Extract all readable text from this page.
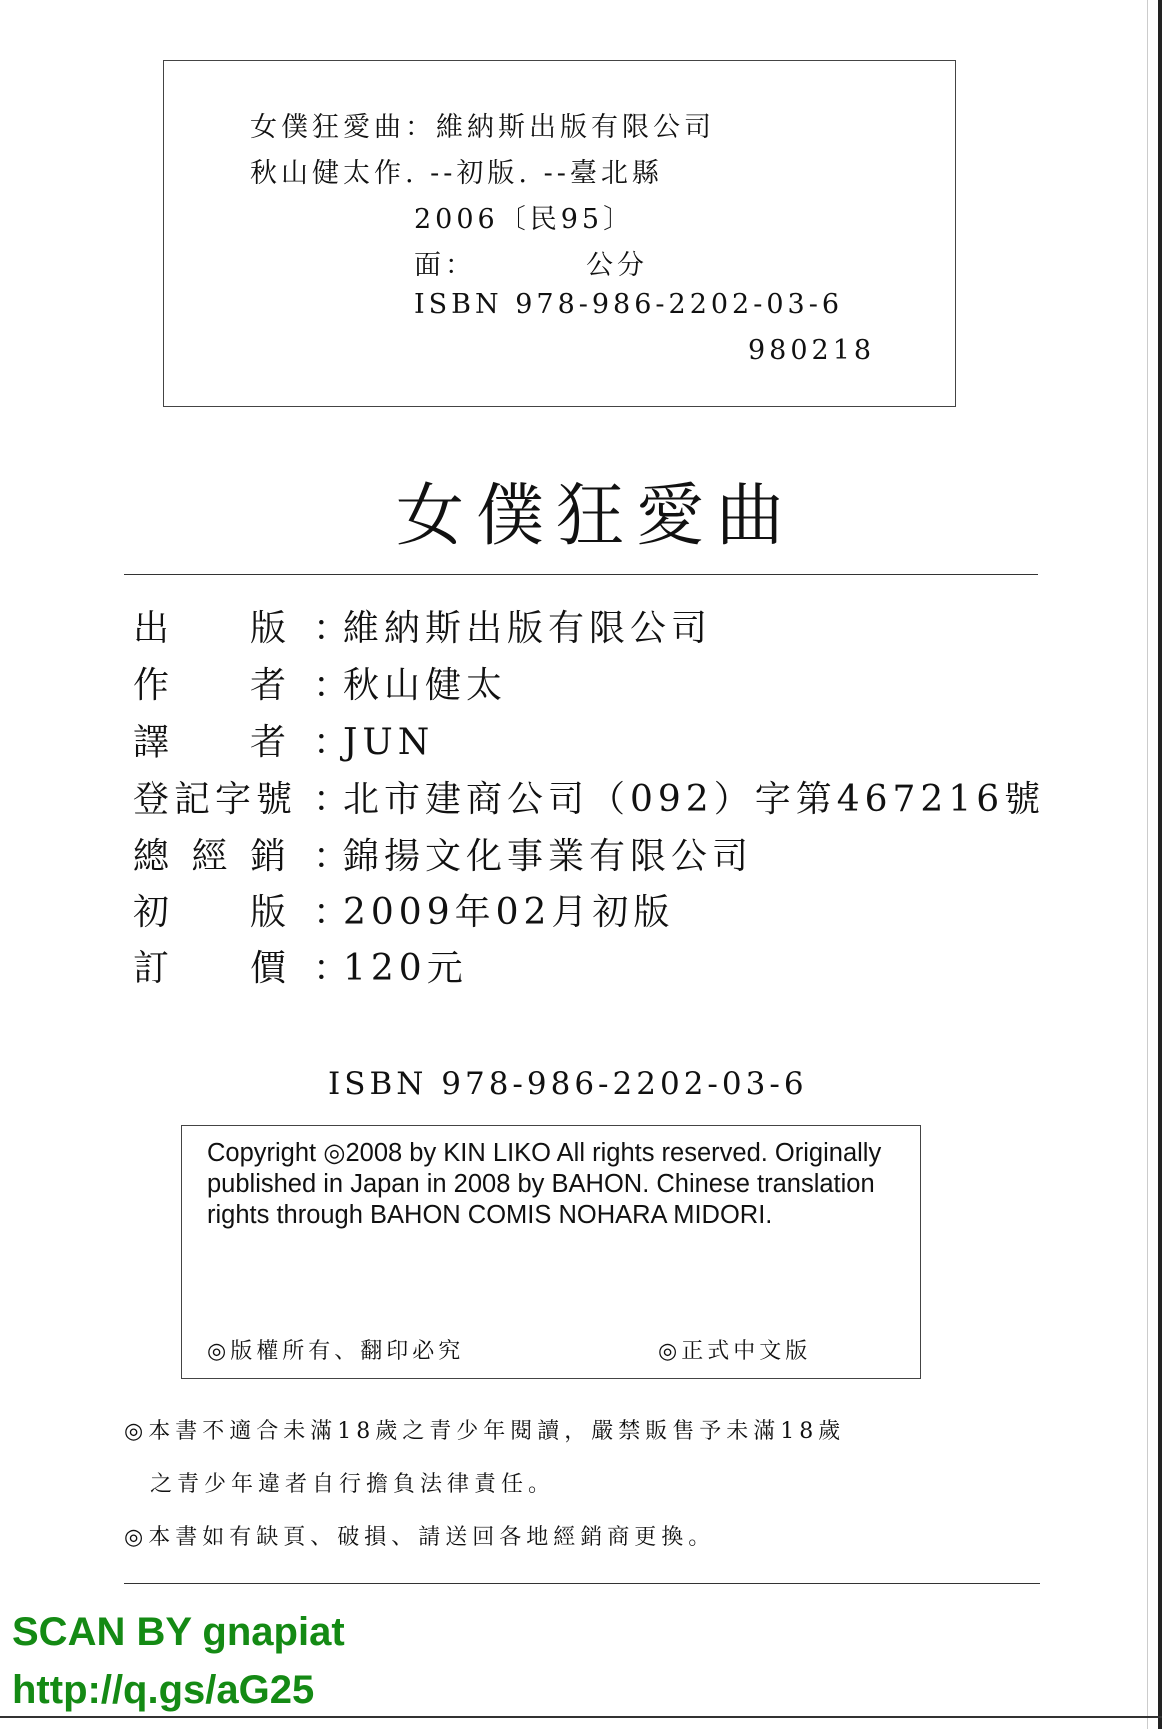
女僕狂愛曲：維納斯出版有限公司
秋山健太作. --初版. --臺北縣
2006〔民95〕
面：	公分
ISBN 978-986-2202-03-6
980218
女僕狂愛曲
出 版 ：維納斯出版有限公司
作 者 ：秋山健太
譯 者 ：JUN
登記字號 ：北市建商公司（092）字第467216號
總 經 銷 ：錦揚文化事業有限公司
初 版 ：2009年02月初版
訂 價 ：120元
ISBN 978-986-2202-03-6
Copyright ◎2008 by KIN LIKO All rights reserved. Originally published in Japan in 2008 by BAHON. Chinese translation rights through BAHON COMIS NOHARA MIDORI.
◎版權所有、翻印必究	◎正式中文版
◎本書不適合未滿18歲之青少年閱讀，嚴禁販售予未滿18歲
之青少年違者自行擔負法律責任。
◎本書如有缺頁、破損、請送回各地經銷商更換。
SCAN BY gnapiat
http://q.gs/aG25
